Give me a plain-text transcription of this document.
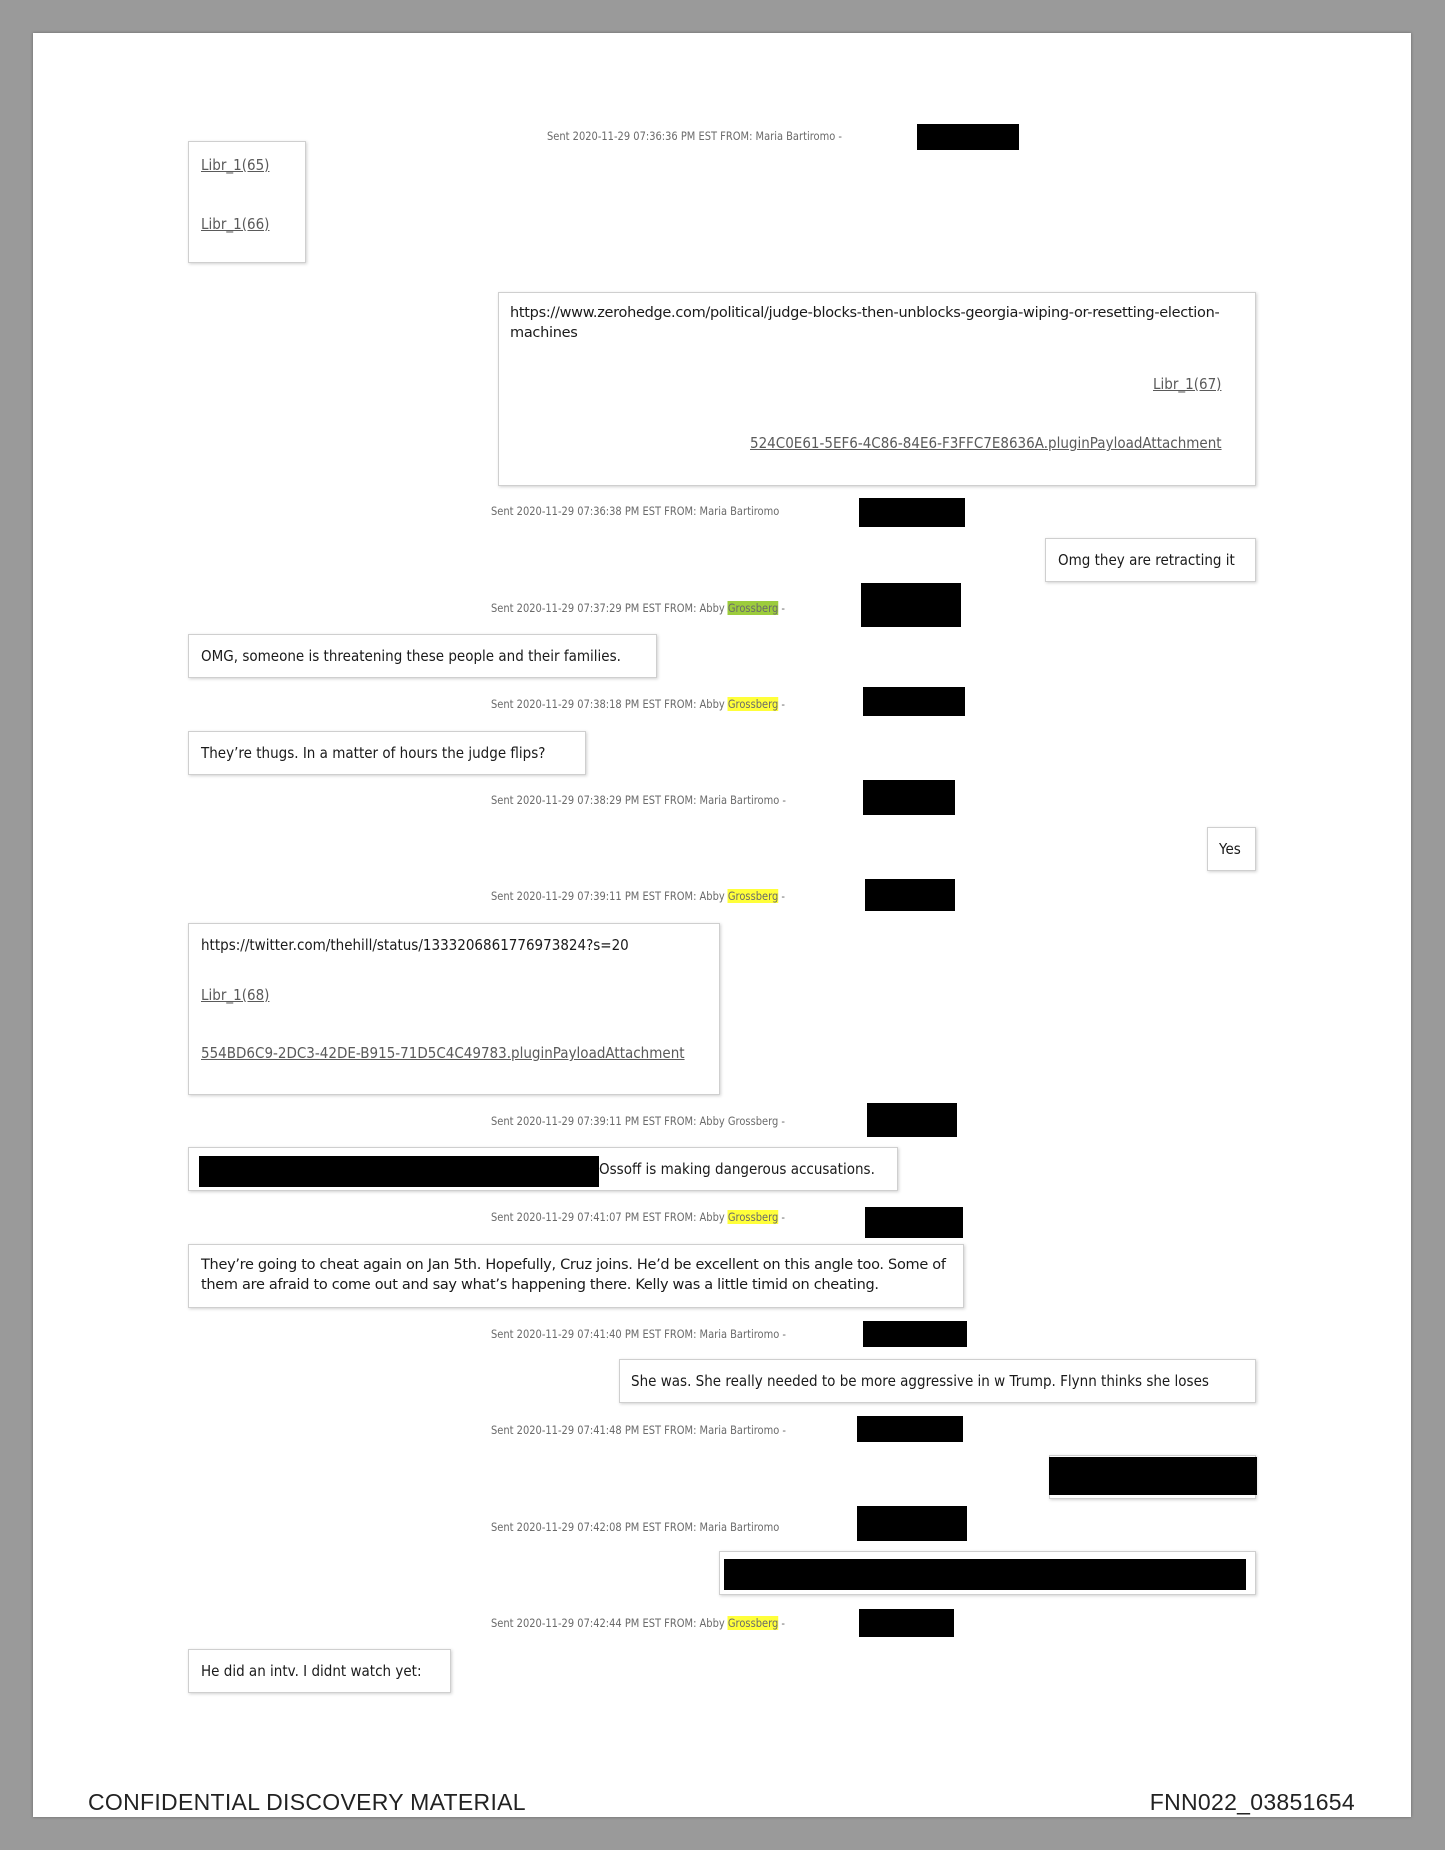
Sent 2020-11-29 07:36:36 PM EST FROM: Maria Bartiromo -
Libr_1(65)
Libr_1(66)
https://www.zerohedge.com/political/judge-blocks-then-unblocks-georgia-wiping-or-resetting-election-machines
Libr_1(67)
524C0E61-5EF6-4C86-84E6-F3FFC7E8636A.pluginPayloadAttachment
Sent 2020-11-29 07:36:38 PM EST FROM: Maria Bartiromo
Omg they are retracting it
Sent 2020-11-29 07:37:29 PM EST FROM: Abby Grossberg -
OMG, someone is threatening these people and their families.
Sent 2020-11-29 07:38:18 PM EST FROM: Abby Grossberg -
They’re thugs. In a matter of hours the judge flips?
Sent 2020-11-29 07:38:29 PM EST FROM: Maria Bartiromo -
Yes
Sent 2020-11-29 07:39:11 PM EST FROM: Abby Grossberg -
https://twitter.com/thehill/status/1333206861776973824?s=20
Libr_1(68)
554BD6C9-2DC3-42DE-B915-71D5C4C49783.pluginPayloadAttachment
Sent 2020-11-29 07:39:11 PM EST FROM: Abby Grossberg -
Ossoff is making dangerous accusations.
Sent 2020-11-29 07:41:07 PM EST FROM: Abby Grossberg -
They’re going to cheat again on Jan 5th. Hopefully, Cruz joins. He’d be excellent on this angle too. Some of them are afraid to come out and say what’s happening there. Kelly was a little timid on cheating.
Sent 2020-11-29 07:41:40 PM EST FROM: Maria Bartiromo -
She was. She really needed to be more aggressive in w Trump. Flynn thinks she loses
Sent 2020-11-29 07:41:48 PM EST FROM: Maria Bartiromo -
Sent 2020-11-29 07:42:08 PM EST FROM: Maria Bartiromo
Sent 2020-11-29 07:42:44 PM EST FROM: Abby Grossberg -
He did an intv. I didnt watch yet:
CONFIDENTIAL DISCOVERY MATERIAL	FNN022_03851654
